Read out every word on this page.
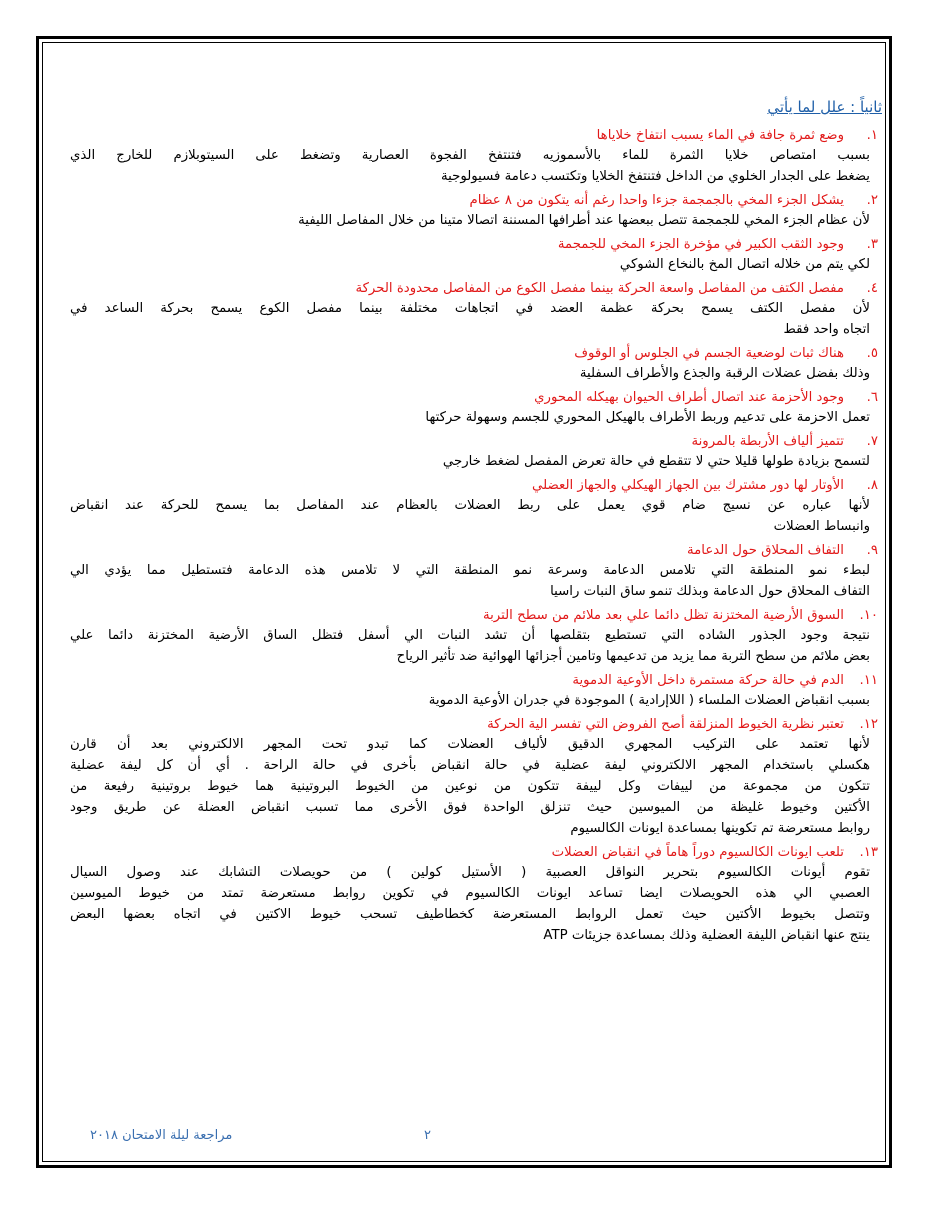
ثانياً : علل لما يأتي
١.
وضع ثمرة جافة في الماء يسبب انتفاخ خلاياها
بسبب امتصاص خلايا الثمرة للماء بالأسموزيه فتنتفخ الفجوة العصارية وتضغط على السيتوبلازم للخارج الذي
يضغط على الجدار الخلوي من الداخل فتنتفخ الخلايا وتكتسب دعامة فسيولوجية
٢.
يشكل الجزء المخي بالجمجمة جزءا واحدا رغم أنه يتكون من ٨ عظام
لأن عظام الجزء المخي للجمجمة تتصل ببعضها عند أطرافها المسننة اتصالا متينا من خلال المفاصل الليفية
٣.
وجود الثقب الكبير في مؤخرة الجزء المخي للجمجمة
لكي يتم من خلاله اتصال المخ بالنخاع الشوكي
٤.
مفصل الكتف من المفاصل واسعة الحركة بينما مفصل الكوع من المفاصل محدودة الحركة
لأن مفصل الكتف يسمح بحركة عظمة العضد في اتجاهات مختلفة بينما مفصل الكوع يسمح بحركة الساعد في
اتجاه واحد فقط
٥.
هناك ثبات لوضعية الجسم في الجلوس أو الوقوف
وذلك بفضل عضلات الرقبة والجذع والأطراف السفلية
٦.
وجود الأحزمة عند اتصال أطراف الحيوان بهيكله المحوري
تعمل الاحزمة على تدعيم وربط الأطراف بالهيكل المحوري للجسم وسهولة حركتها
٧.
تتميز ألياف الأربطة بالمرونة
لتسمح بزيادة طولها قليلا حتي لا تتقطع في حالة تعرض المفصل لضغط خارجي
٨.
الأوتار لها دور مشترك بين الجهاز الهيكلي والجهاز العضلي
لأنها عباره عن نسيج ضام قوي يعمل على ربط العضلات بالعظام عند المفاصل بما يسمح للحركة عند انقباض
وانبساط العضلات
٩.
التفاف المحلاق حول الدعامة
لبطء نمو المنطقة التي تلامس الدعامة وسرعة نمو المنطقة التي لا تلامس هذه الدعامة فتستطيل مما يؤدي الي
التفاف المحلاق حول الدعامة وبذلك تنمو ساق النبات راسيا
١٠.
السوق الأرضية المختزنة تظل دائما علي بعد ملائم من سطح التربة
نتيجة وجود الجذور الشاده التي تستطيع بتقلصها أن تشد النبات الي أسفل فتظل الساق الأرضية المختزنة دائما علي
بعض ملائم من سطح التربة مما يزيد من تدعيمها وتامين أجزائها الهوائية ضد تأثير الرياح
١١.
الدم في حالة حركة مستمرة داخل الأوعية الدموية
بسبب انقباض العضلات الملساء ( اللاإرادية ) الموجودة في جدران الأوعية الدموية
١٢.
تعتبر نظرية الخيوط المنزلقة أصح الفروض التي تفسر الية الحركة
لأنها تعتمد على التركيب المجهري الدقيق لألياف العضلات كما تبدو تحت المجهر الالكتروني بعد أن قارن
هكسلي باستخدام المجهر الالكتروني ليفة عضلية في حالة انقباض بأخرى في حالة الراحة . أي أن كل ليفة عضلية
تتكون من مجموعة من لييفات وكل لييفة تتكون من نوعين من الخيوط البروتينية هما خيوط بروتينية رفيعة من
الأكتين وخيوط غليظة من الميوسين حيث تنزلق الواحدة فوق الأخرى مما تسبب انقباض العضلة عن طريق وجود
روابط مستعرضة تم تكوينها بمساعدة ايونات الكالسيوم
١٣.
تلعب ايونات الكالسيوم دوراً هاماً في انقباض العضلات
تقوم أيونات الكالسيوم بتحرير النواقل العصبية ( الأستيل كولين ) من حويصلات التشابك عند وصول السيال
العصبي الي هذه الحويصلات ايضا تساعد ايونات الكالسيوم في تكوين روابط مستعرضة تمتد من خيوط الميوسين
وتتصل بخيوط الأكتين حيث تعمل الروابط المستعرضة كخطاطيف تسحب خيوط الاكتين في اتجاه بعضها البعض
ينتج عنها انقباض الليفة العضلية وذلك بمساعدة جزيئات ATP
مراجعة ليلة الامتحان ٢٠١٨	٢
